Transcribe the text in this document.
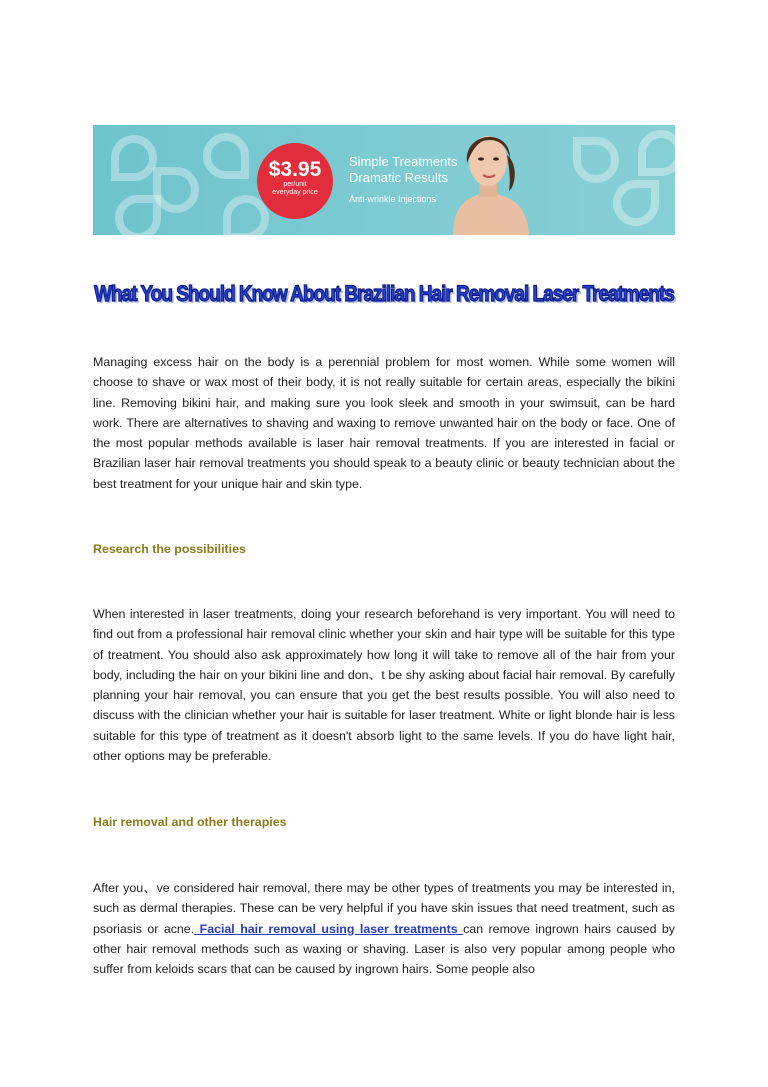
$3.95
per/unit
everyday price
Simple Treatments
Dramatic Results
Anti-wrinkle Injections
What You Should Know About Brazilian Hair Removal Laser Treatments

Managing excess hair on the body is a perennial problem for most women. While some women will choose to shave or wax most of their body, it is not really suitable for certain areas, especially the bikini line. Removing bikini hair, and making sure you look sleek and smooth in your swimsuit, can be hard work. There are alternatives to shaving and waxing to remove unwanted hair on the body or face. One of the most popular methods available is laser hair removal treatments. If you are interested in facial or Brazilian laser hair removal treatments you should speak to a beauty clinic or beauty technician about the best treatment for your unique hair and skin type.

Research the possibilities

When interested in laser treatments, doing your research beforehand is very important. You will need to find out from a professional hair removal clinic whether your skin and hair type will be suitable for this type of treatment. You should also ask approximately how long it will take to remove all of the hair from your body, including the hair on your bikini line and don、t be shy asking about facial hair removal. By carefully planning your hair removal, you can ensure that you get the best results possible. You will also need to discuss with the clinician whether your hair is suitable for laser treatment. White or light blonde hair is less suitable for this type of treatment as it doesn't absorb light to the same levels. If you do have light hair, other options may be preferable.

Hair removal and other therapies

After you、ve considered hair removal, there may be other types of treatments you may be interested in, such as dermal therapies. These can be very helpful if you have skin issues that need treatment, such as psoriasis or acne. Facial hair removal using laser treatments can remove ingrown hairs caused by other hair removal methods such as waxing or shaving. Laser is also very popular among people who suffer from keloids scars that can be caused by ingrown hairs. Some people also
